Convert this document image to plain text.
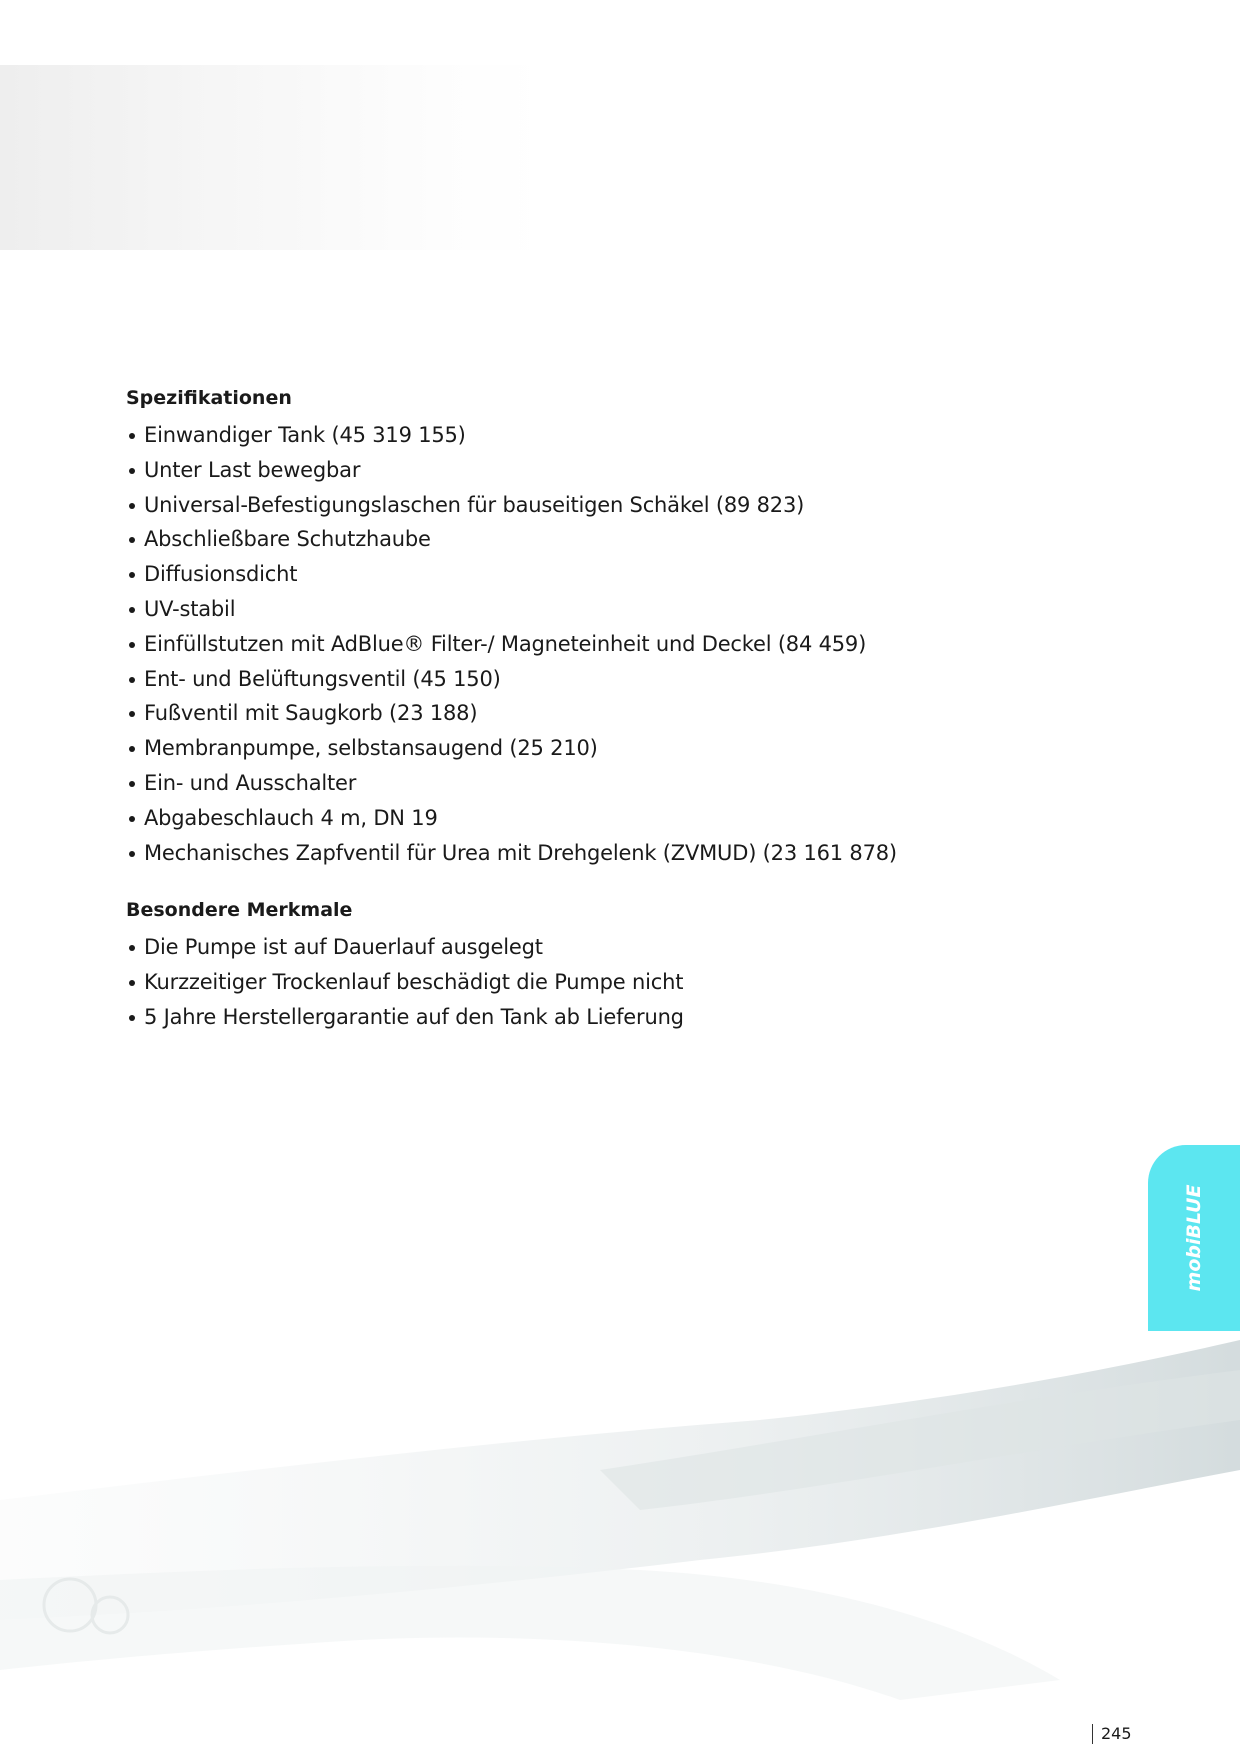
Spezifikationen
Einwandiger Tank (45 319 155)
Unter Last bewegbar
Universal-Befestigungslaschen für bauseitigen Schäkel (89 823)
Abschließbare Schutzhaube
Diffusionsdicht
UV-stabil
Einfüllstutzen mit AdBlue® Filter-/ Magneteinheit und Deckel (84 459)
Ent- und Belüftungsventil (45 150)
Fußventil mit Saugkorb (23 188)
Membranpumpe, selbstansaugend (25 210)
Ein- und Ausschalter
Abgabeschlauch 4 m, DN 19
Mechanisches Zapfventil für Urea mit Drehgelenk (ZVMUD) (23 161 878)
Besondere Merkmale
Die Pumpe ist auf Dauerlauf ausgelegt
Kurzzeitiger Trockenlauf beschädigt die Pumpe nicht
5 Jahre Herstellergarantie auf den Tank ab Lieferung
mobiBLUE
245
